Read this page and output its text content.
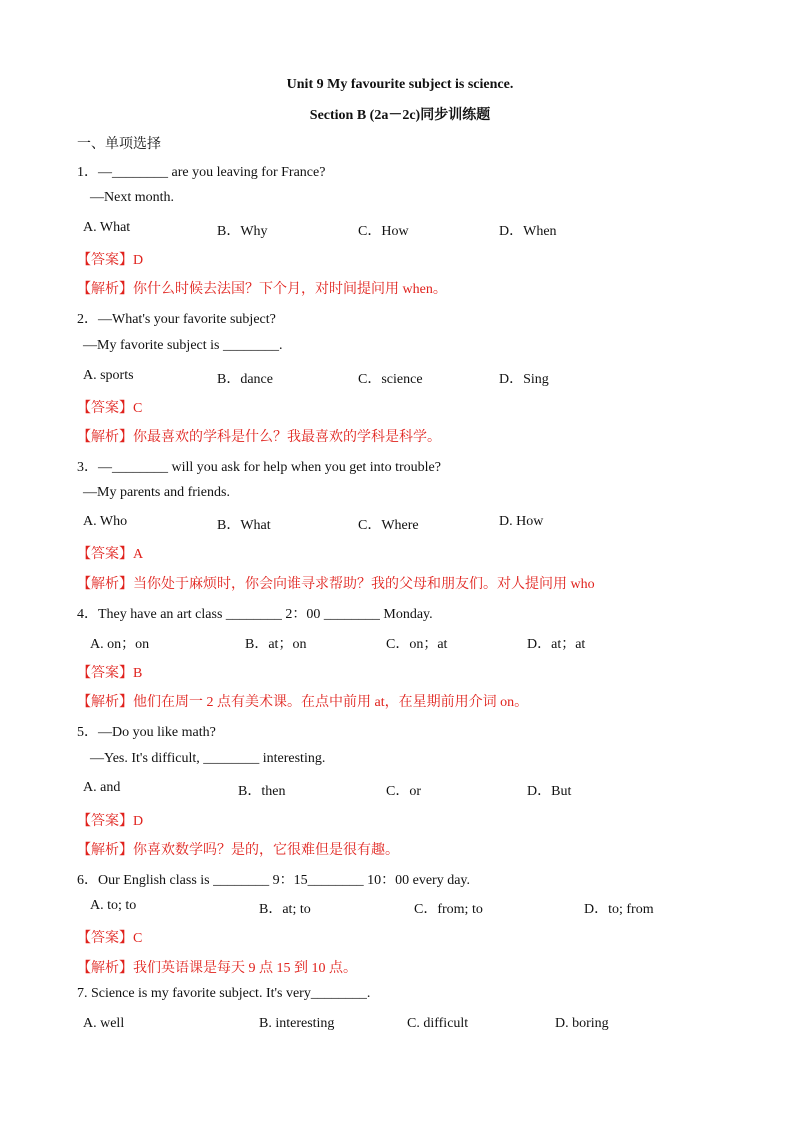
Unit 9 My favourite subject is science.
Section B (2a－2c)同步训练题
一、单项选择
1．—________ are you leaving for France?
—Next month.
A. What	B．Why	C．How	D．When
【答案】D
【解析】你什么时候去法国？下个月，对时间提问用 when。
2．—What's your favorite subject?
—My favorite subject is ________.
A. sports	B．dance	C．science	D．Sing
【答案】C
【解析】你最喜欢的学科是什么？我最喜欢的学科是科学。
3．—________ will you ask for help when you get into trouble?
—My parents and friends.
A. Who	B．What	C．Where	D. How
【答案】A
【解析】当你处于麻烦时，你会向谁寻求帮助？我的父母和朋友们。对人提问用 who
4．They have an art class ________ 2：00 ________ Monday.
A. on；on	B．at；on	C．on；at	D．at；at
【答案】B
【解析】他们在周一 2 点有美术课。在点中前用 at，在星期前用介词 on。
5．—Do you like math?
—Yes. It's difficult, ________ interesting.
A. and	B．then	C．or	D．But
【答案】D
【解析】你喜欢数学吗？是的，它很难但是很有趣。
6．Our English class is ________ 9：15________ 10：00 every day.
A. to; to	B．at; to	C．from; to	D．to; from
【答案】C
【解析】我们英语课是每天 9 点 15 到 10 点。
7. Science is my favorite subject. It's very________.
A. well	B. interesting	C. difficult	D. boring
